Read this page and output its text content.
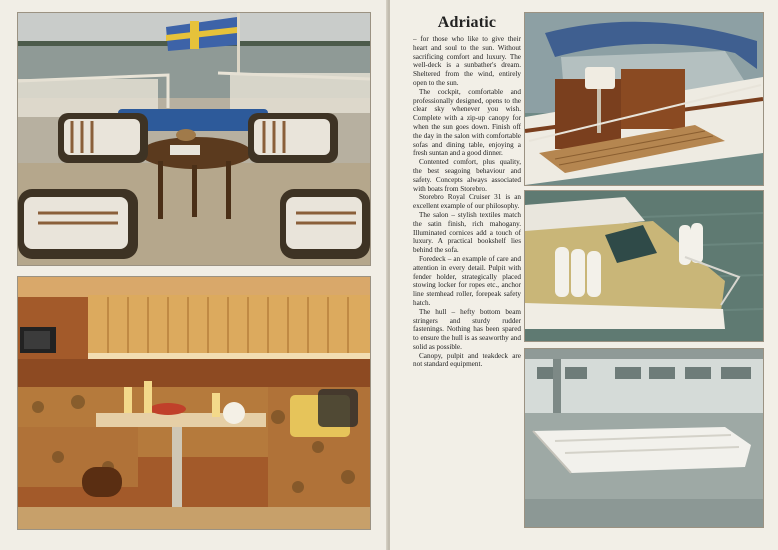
Adriatic

– for those who like to give their heart and soul to the sun. Without sacrificing comfort and luxury. The well-deck is a sunbather's dream. Sheltered from the wind, entirely open to the sun.

The cockpit, comfortable and professionally designed, opens to the clear sky whenever you wish. Complete with a zip-up canopy for when the sun goes down. Finish off the day in the salon with comfortable sofas and dining table, enjoying a fresh suntan and a good dinner.

Contented comfort, plus quality, the best seagoing behaviour and safety. Concepts always associated with boats from Storebro.

Storebro Royal Cruiser 31 is an excellent example of our philosophy.

The salon – stylish textiles match the satin finish, rich mahogany. Illuminated cornices add a touch of luxury. A practical bookshelf lies behind the sofa.

Foredeck – an example of care and attention in every detail. Pulpit with fender holder, strategically placed stowing locker for ropes etc., anchor line stemhead roller, forepeak safety hatch.

The hull – hefty bottom beam stringers and sturdy rudder fastenings. Nothing has been spared to ensure the hull is as seaworthy and solid as possible.

Canopy, pulpit and teakdeck are not standard equipment.
